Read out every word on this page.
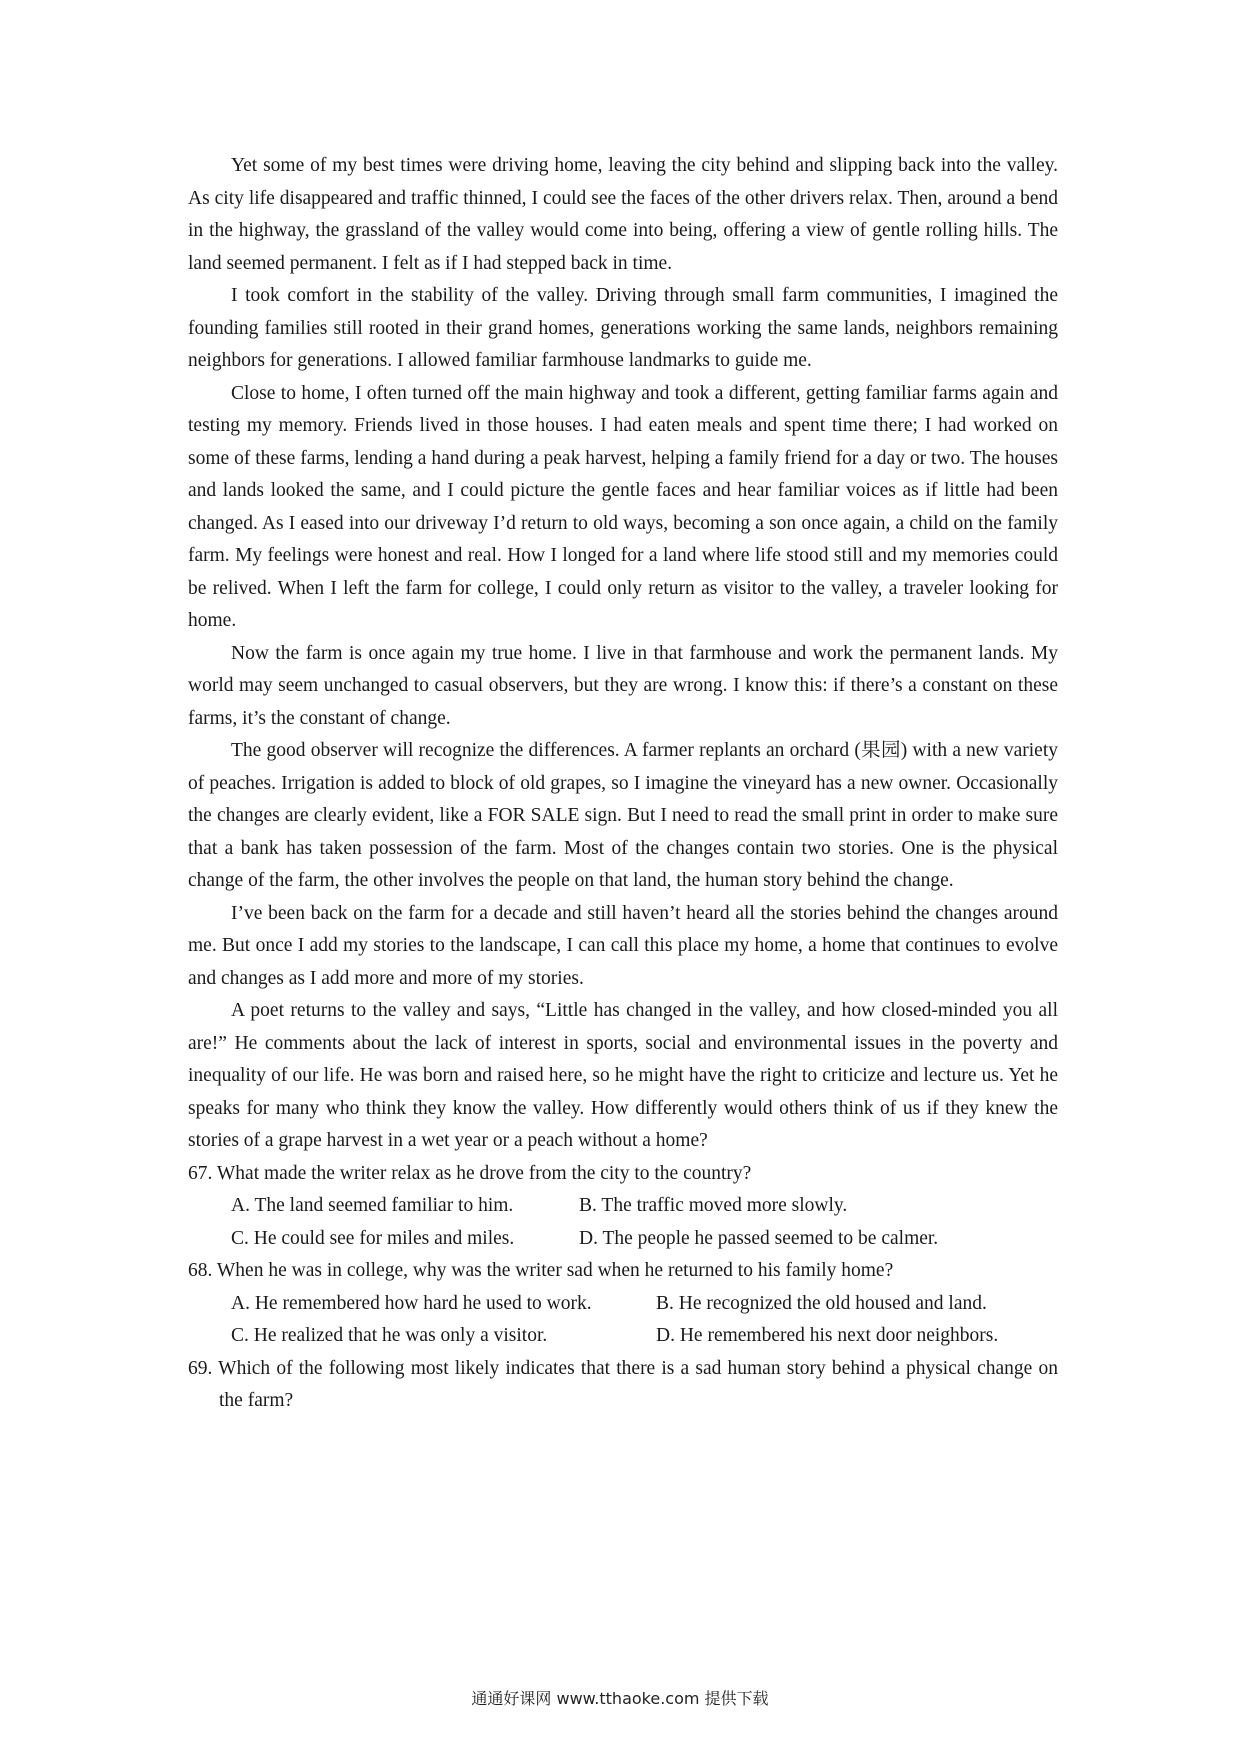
Yet some of my best times were driving home, leaving the city behind and slipping back into the valley. As city life disappeared and traffic thinned, I could see the faces of the other drivers relax. Then, around a bend in the highway, the grassland of the valley would come into being, offering a view of gentle rolling hills. The land seemed permanent. I felt as if I had stepped back in time.

I took comfort in the stability of the valley. Driving through small farm communities, I imagined the founding families still rooted in their grand homes, generations working the same lands, neighbors remaining neighbors for generations. I allowed familiar farmhouse landmarks to guide me.

Close to home, I often turned off the main highway and took a different, getting familiar farms again and testing my memory. Friends lived in those houses. I had eaten meals and spent time there; I had worked on some of these farms, lending a hand during a peak harvest, helping a family friend for a day or two. The houses and lands looked the same, and I could picture the gentle faces and hear familiar voices as if little had been changed. As I eased into our driveway I’d return to old ways, becoming a son once again, a child on the family farm. My feelings were honest and real. How I longed for a land where life stood still and my memories could be relived. When I left the farm for college, I could only return as visitor to the valley, a traveler looking for home.

Now the farm is once again my true home. I live in that farmhouse and work the permanent lands. My world may seem unchanged to casual observers, but they are wrong. I know this: if there’s a constant on these farms, it’s the constant of change.

The good observer will recognize the differences. A farmer replants an orchard (果园) with a new variety of peaches. Irrigation is added to block of old grapes, so I imagine the vineyard has a new owner. Occasionally the changes are clearly evident, like a FOR SALE sign. But I need to read the small print in order to make sure that a bank has taken possession of the farm. Most of the changes contain two stories. One is the physical change of the farm, the other involves the people on that land, the human story behind the change.

I’ve been back on the farm for a decade and still haven’t heard all the stories behind the changes around me. But once I add my stories to the landscape, I can call this place my home, a home that continues to evolve and changes as I add more and more of my stories.

A poet returns to the valley and says, “Little has changed in the valley, and how closed-minded you all are!” He comments about the lack of interest in sports, social and environmental issues in the poverty and inequality of our life. He was born and raised here, so he might have the right to criticize and lecture us. Yet he speaks for many who think they know the valley. How differently would others think of us if they knew the stories of a grape harvest in a wet year or a peach without a home?

67. What made the writer relax as he drove from the city to the country?

A. The land seemed familiar to him.	B. The traffic moved more slowly.
C. He could see for miles and miles.	D. The people he passed seemed to be calmer.

68. When he was in college, why was the writer sad when he returned to his family home?

A. He remembered how hard he used to work.	B. He recognized the old housed and land.
C. He realized that he was only a visitor.	D. He remembered his next door neighbors.

69. Which of the following most likely indicates that there is a sad human story behind a physical change on the farm?

通通好课网 www.tthaoke.com 提供下载
